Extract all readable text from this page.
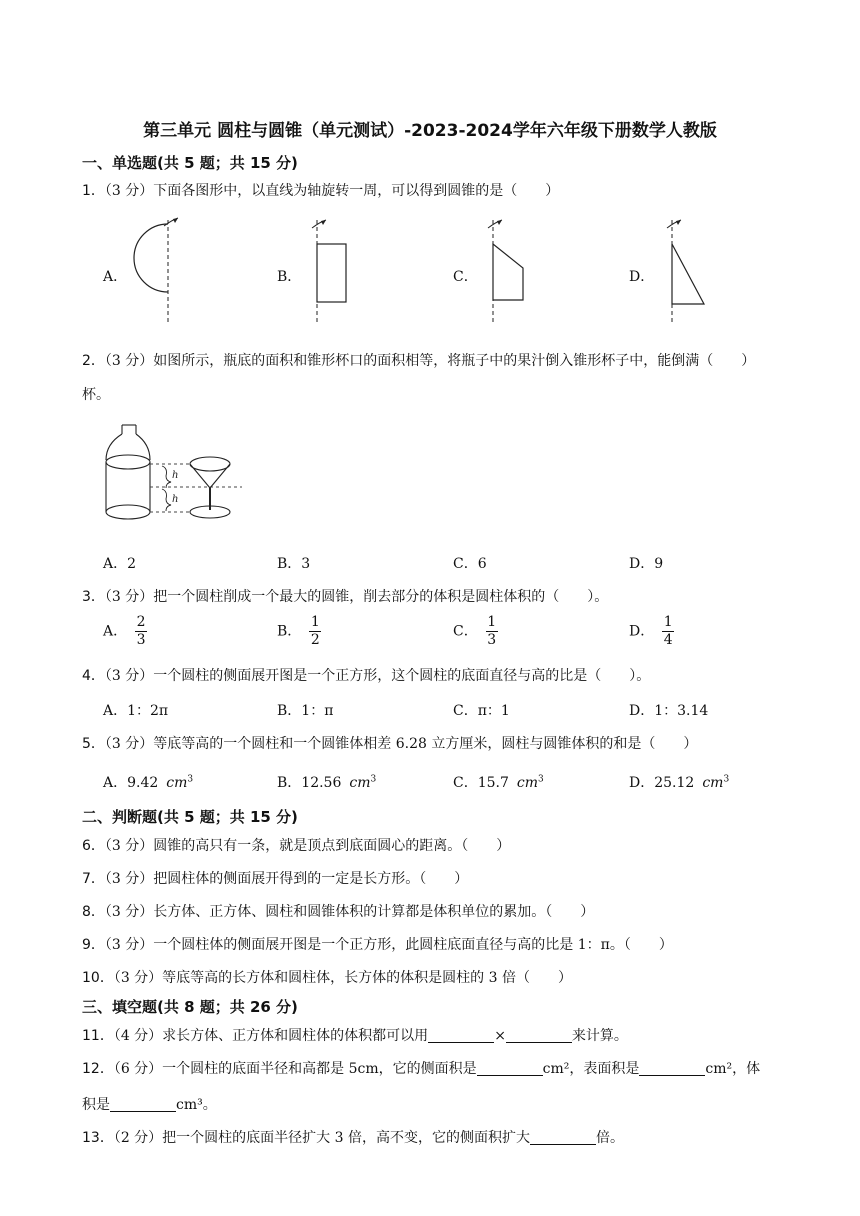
第三单元 圆柱与圆锥（单元测试）-2023-2024学年六年级下册数学人教版
一、单选题(共 5 题；共 15 分)
1．（3 分）下面各图形中，以直线为轴旋转一周，可以得到圆锥的是（　　）
A．	B．	C．	D．
2．（3 分）如图所示，瓶底的面积和锥形杯口的面积相等，将瓶子中的果汁倒入锥形杯子中，能倒满（　　）
杯。
h
h
A．2	B．3	C．6	D．9
3．（3 分）把一个圆柱削成一个最大的圆锥，削去部分的体积是圆柱体积的（　　）。
A． $\frac{2}{3}$	B． $\frac{1}{2}$	C． $\frac{1}{3}$	D． $\frac{1}{4}$
4．（3 分）一个圆柱的侧面展开图是一个正方形，这个圆柱的底面直径与高的比是（　　）。
A．1：2π	B．1：π	C．π：1	D．1：3.14
5．（3 分）等底等高的一个圆柱和一个圆锥体相差 6.28 立方厘米，圆柱与圆锥体积的和是（　　）
A．9.42 $cm^3$	B．12.56 $cm^3$	C．15.7 $cm^3$	D．25.12 $cm^3$
二、判断题(共 5 题；共 15 分)
6．（3 分）圆锥的高只有一条，就是顶点到底面圆心的距离。（　　）
7．（3 分）把圆柱体的侧面展开得到的一定是长方形。（　　）
8．（3 分）长方体、正方体、圆柱和圆锥体积的计算都是体积单位的累加。（　　）
9．（3 分）一个圆柱体的侧面展开图是一个正方形，此圆柱底面直径与高的比是 1：π。（　　）
10．（3 分）等底等高的长方体和圆柱体，长方体的体积是圆柱的 3 倍（　　）
三、填空题(共 8 题；共 26 分)
11．（4 分）求长方体、正方体和圆柱体的体积都可以用	×	来计算。
12．（6 分）一个圆柱的底面半径和高都是 5cm，它的侧面积是	cm²，表面积是	cm²，体
积是	cm³。
13．（2 分）把一个圆柱的底面半径扩大 3 倍，高不变，它的侧面积扩大	倍。
